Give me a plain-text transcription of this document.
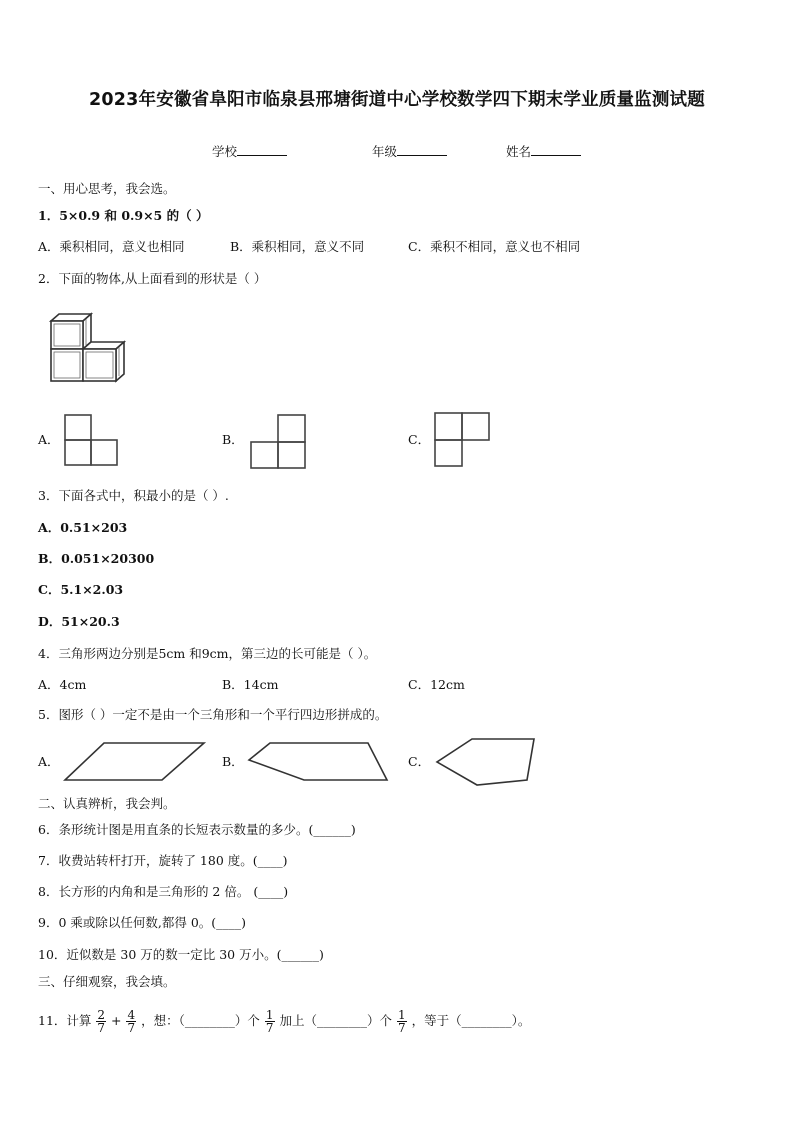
2023年安徽省阜阳市临泉县邢塘街道中心学校数学四下期末学业质量监测试题
学校	年级	姓名
一、用心思考，我会选。
1．5×0.9 和 0.9×5 的（ ）
A．乘积相同，意义也相同	B．乘积相同，意义不同	C．乘积不相同，意义也不相同
2．下面的物体,从上面看到的形状是（ ）
A．	B．	C．
3．下面各式中，积最小的是（ ）.
A．0.51×203
B．0.051×20300
C．5.1×2.03
D．51×20.3
4．三角形两边分别是5cm 和9cm，第三边的长可能是（ ）。
A．4cm	B．14cm	C．12cm
5．图形（ ）一定不是由一个三角形和一个平行四边形拼成的。
A．	B．	C．
二、认真辨析，我会判。
6．条形统计图是用直条的长短表示数量的多少。(______)
7．收费站转杆打开，旋转了 180 度。(____)
8．长方形的内角和是三角形的 2 倍。 (____)
9．0 乘或除以任何数,都得 0。(____)
10．近似数是 30 万的数一定比 30 万小。(______)
三、仔细观察，我会填。
11．计算 $\frac{2}{7} + \frac{4}{7}$ ，想：（________）个 $\frac{1}{7}$ 加上（________）个 $\frac{1}{7}$ ，等于（________）。
